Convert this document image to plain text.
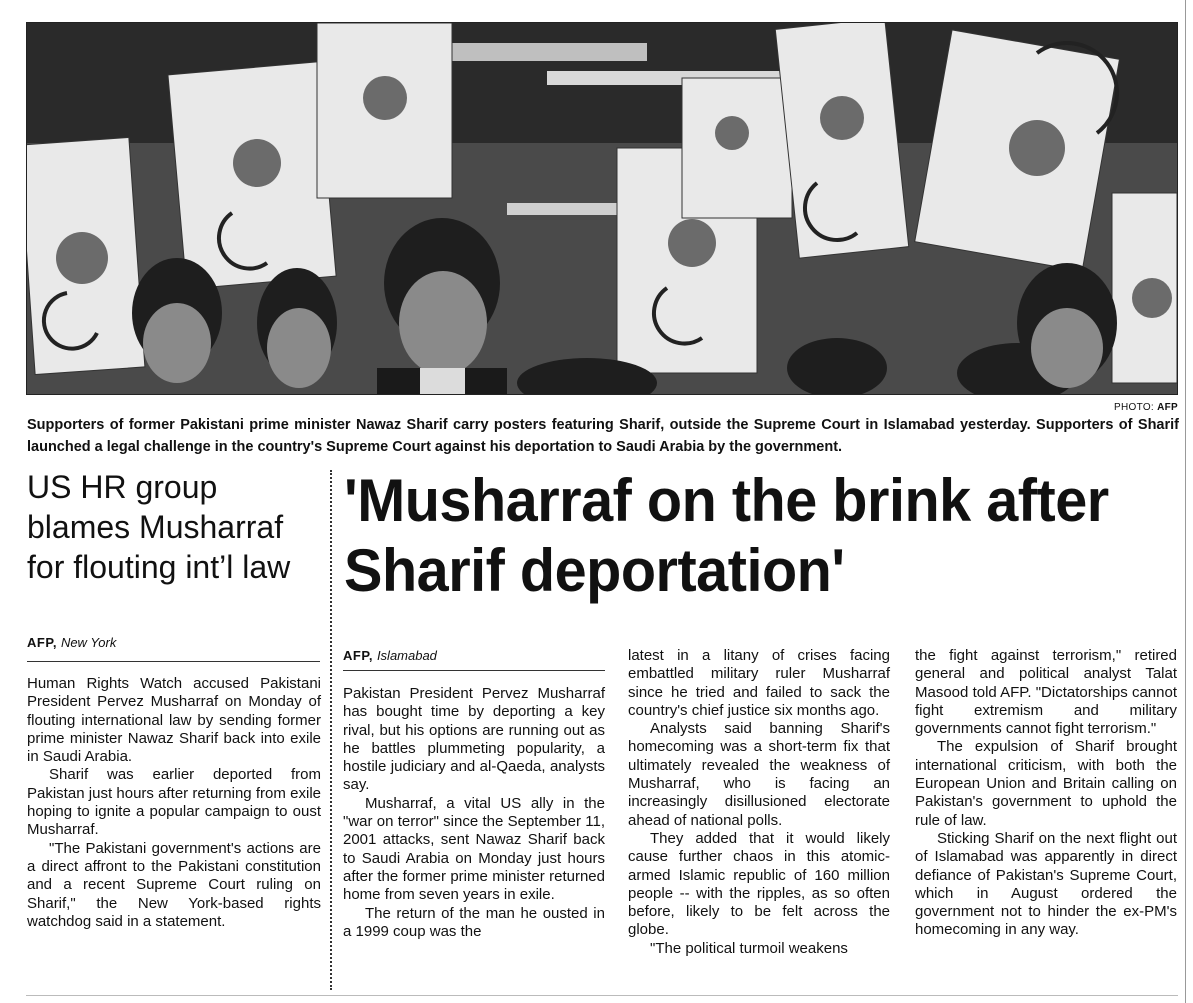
PHOTO: AFP
Supporters of former Pakistani prime minister Nawaz Sharif carry posters featuring Sharif, outside the Supreme Court in Islamabad yesterday. Supporters of Sharif launched a legal challenge in the country's Supreme Court against his deportation to Saudi Arabia by the government.
US HR group blames Musharraf for flouting int’l law
AFP, New York

Human Rights Watch accused Pakistani President Pervez Musharraf on Monday of flouting international law by sending former prime minister Nawaz Sharif back into exile in Saudi Arabia.

Sharif was earlier deported from Pakistan just hours after returning from exile hoping to ignite a popular campaign to oust Musharraf.

"The Pakistani government's actions are a direct affront to the Pakistani constitution and a recent Supreme Court ruling on Sharif," the New York-based rights watchdog said in a statement.

'Musharraf on the brink after Sharif deportation'
AFP, Islamabad

Pakistan President Pervez Musharraf has bought time by deporting a key rival, but his options are running out as he battles plummeting popularity, a hostile judiciary and al-Qaeda, analysts say.

Musharraf, a vital US ally in the "war on terror" since the September 11, 2001 attacks, sent Nawaz Sharif back to Saudi Arabia on Monday just hours after the former prime minister returned home from seven years in exile.

The return of the man he ousted in a 1999 coup was the

latest in a litany of crises facing embattled military ruler Musharraf since he tried and failed to sack the country's chief justice six months ago.

Analysts said banning Sharif's homecoming was a short-term fix that ultimately revealed the weakness of Musharraf, who is facing an increasingly disillusioned electorate ahead of national polls.

They added that it would likely cause further chaos in this atomic-armed Islamic republic of 160 million people -- with the ripples, as so often before, likely to be felt across the globe.

"The political turmoil weakens

the fight against terrorism," retired general and political analyst Talat Masood told AFP. "Dictatorships cannot fight extremism and military governments cannot fight terrorism."

The expulsion of Sharif brought international criticism, with both the European Union and Britain calling on Pakistan's government to uphold the rule of law.

Sticking Sharif on the next flight out of Islamabad was apparently in direct defiance of Pakistan's Supreme Court, which in August ordered the government not to hinder the ex-PM's homecoming in any way.
